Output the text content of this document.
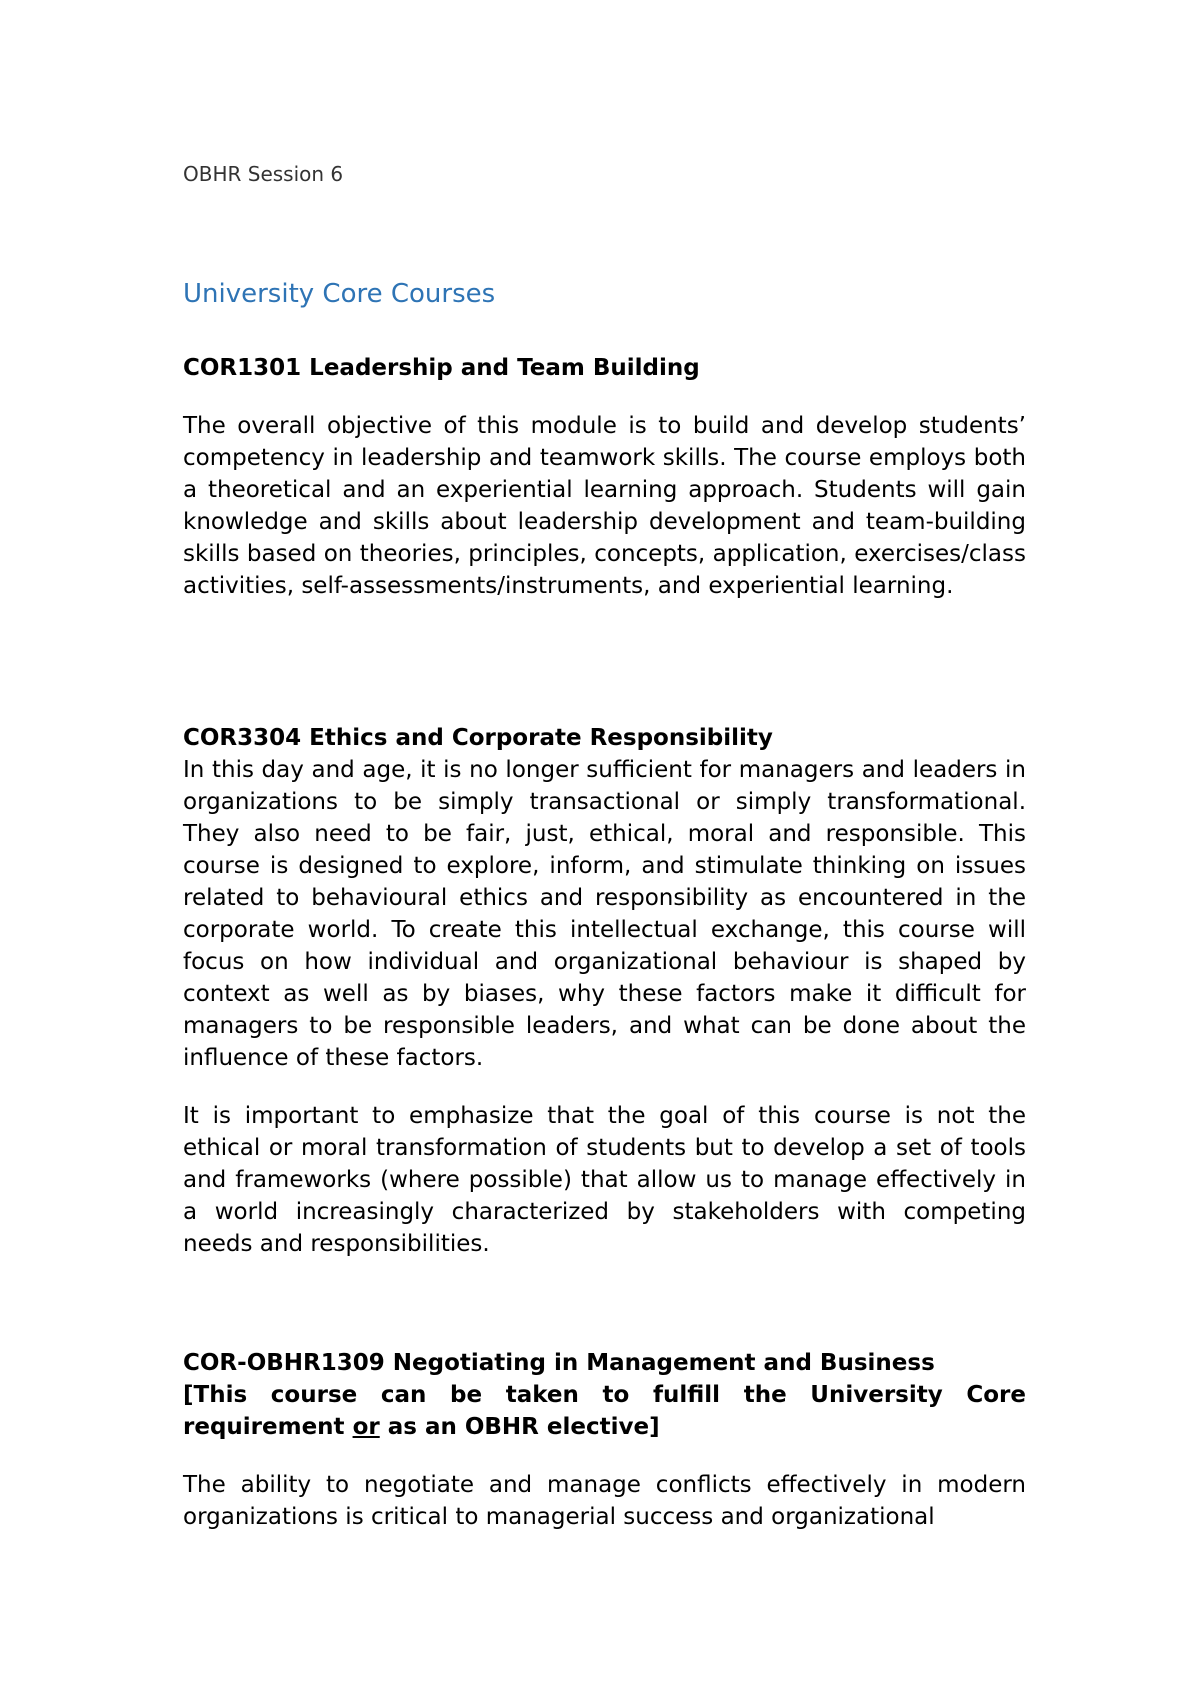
OBHR Session 6
University Core Courses

COR1301 Leadership and Team Building

The overall objective of this module is to build and develop students’ competency in leadership and teamwork skills. The course employs both a theoretical and an experiential learning approach. Students will gain knowledge and skills about leadership development and team-building skills based on theories, principles, concepts, application, exercises/class activities, self-assessments/instruments, and experiential learning.

COR3304 Ethics and Corporate Responsibility

In this day and age, it is no longer sufficient for managers and leaders in organizations to be simply transactional or simply transformational. They also need to be fair, just, ethical, moral and responsible. This course is designed to explore, inform, and stimulate thinking on issues related to behavioural ethics and responsibility as encountered in the corporate world. To create this intellectual exchange, this course will focus on how individual and organizational behaviour is shaped by context as well as by biases, why these factors make it difficult for managers to be responsible leaders, and what can be done about the influence of these factors.

It is important to emphasize that the goal of this course is not the ethical or moral transformation of students but to develop a set of tools and frameworks (where possible) that allow us to manage effectively in a world increasingly characterized by stakeholders with competing needs and responsibilities.

COR-OBHR1309 Negotiating in Management and Business

[This course can be taken to fulfill the University Core requirement or as an OBHR elective]

The ability to negotiate and manage conflicts effectively in modern organizations is critical to managerial success and organizational
